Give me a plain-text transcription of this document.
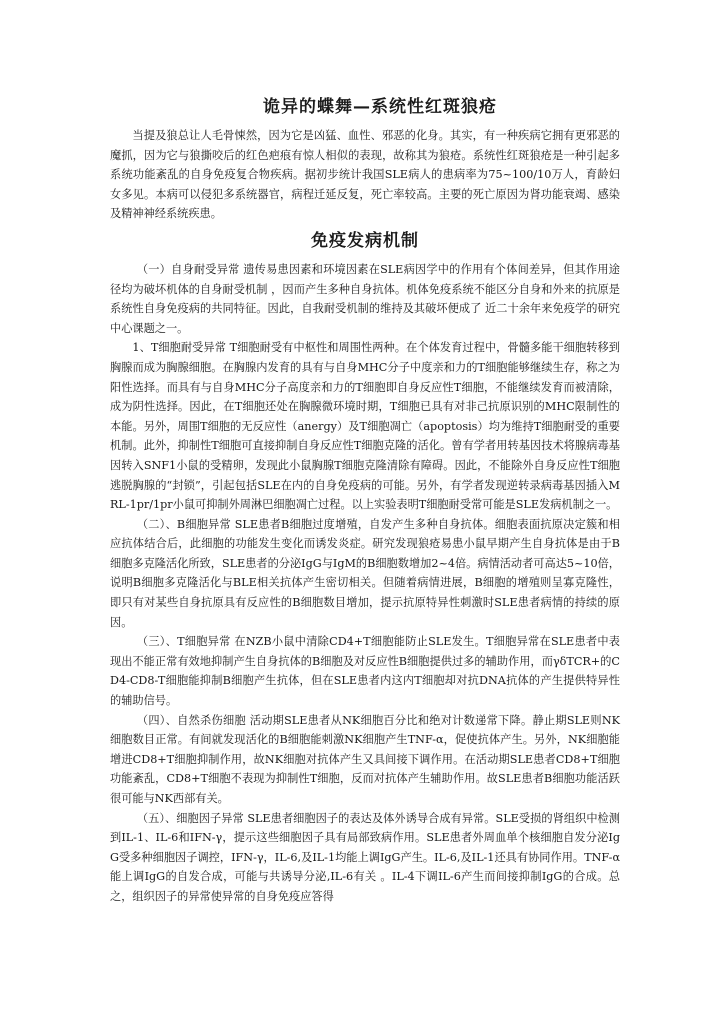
诡异的蝶舞—系统性红斑狼疮

当提及狼总让人毛骨悚然，因为它是凶猛、血性、邪恶的化身。其实，有一种疾病它拥有更邪恶的魔抓，因为它与狼撕咬后的红色疤痕有惊人相似的表现，故称其为狼疮。系统性红斑狼疮是一种引起多系统功能紊乱的自身免疫复合物疾病。据初步统计我国SLE病人的患病率为75~100/10万人，育龄妇女多见。本病可以侵犯多系统器官，病程迁延反复，死亡率较高。主要的死亡原因为肾功能衰竭、感染及精神神经系统疾患。

免疫发病机制

（一）自身耐受异常 遗传易患因素和环境因素在SLE病因学中的作用有个体间差异，但其作用途径均为破坏机体的自身耐受机制 ，因而产生多种自身抗体。机体免疫系统不能区分自身和外来的抗原是系统性自身免疫病的共同特征。因此，自我耐受机制的维持及其破坏便成了 近二十余年来免疫学的研究中心课题之一。

1、T细胞耐受异常 T细胞耐受有中枢性和周围性两种。在个体发育过程中，骨髓多能干细胞转移到胸腺而成为胸腺细胞。在胸腺内发育的具有与自身MHC分子中度亲和力的T细胞能够继续生存，称之为阳性选择。而具有与自身MHC分子高度亲和力的T细胞即自身反应性T细胞，不能继续发育而被清除，成为阴性选择。因此，在T细胞还处在胸腺微环境时期，T细胞已具有对非己抗原识别的MHC限制性的本能。另外，周围T细胞的无反应性（anergy）及T细胞凋亡（apoptosis）均为维持T细胞耐受的重要机制。此外，抑制性T细胞可直接抑制自身反应性T细胞克隆的活化。曾有学者用转基因技术将腺病毒基因转入SNF1小鼠的受精卵，发现此小鼠胸腺T细胞克隆清除有障碍。因此，不能除外自身反应性T细胞逃脱胸腺的“封锁”，引起包括SLE在内的自身免疫病的可能。另外，有学者发现逆转录病毒基因插入MRL-1pr/1pr小鼠可抑制外周淋巴细胞凋亡过程。以上实验表明T细胞耐受常可能是SLE发病机制之一。

（二）、B细胞异常 SLE患者B细胞过度增殖，自发产生多种自身抗体。细胞表面抗原决定簇和相应抗体结合后，此细胞的功能发生变化而诱发炎症。研究发现狼疮易患小鼠早期产生自身抗体是由于B细胞多克隆活化所致，SLE患者的分泌IgG与IgM的B细胞数增加2~4倍。病情活动者可高达5~10倍，说明B细胞多克隆活化与BLE相关抗体产生密切相关。但随着病情进展，B细胞的增殖则呈寡克隆性，即只有对某些自身抗原具有反应性的B细胞数目增加，提示抗原特异性刺激时SLE患者病情的持续的原因。

（三）、T细胞异常 在NZB小鼠中清除CD4+T细胞能防止SLE发生。T细胞异常在SLE患者中表现出不能正常有效地抑制产生自身抗体的B细胞及对反应性B细胞提供过多的辅助作用，而γδTCR+的CD4-CD8-T细胞能抑制B细胞产生抗体，但在SLE患者内这内T细胞却对抗DNA抗体的产生提供特异性的辅助信号。

（四）、自然杀伤细胞 活动期SLE患者从NK细胞百分比和绝对计数递常下降。静止期SLE则NK细胞数目正常。有间就发现活化的B细胞能刺激NK细胞产生TNF-α，促使抗体产生。另外，NK细胞能增进CD8+T细胞抑制作用，故NK细胞对抗体产生又具间接下调作用。在活动期SLE患者CD8+T细胞功能紊乱，CD8+T细胞不表现为抑制性T细胞，反而对抗体产生辅助作用。故SLE患者B细胞功能活跃很可能与NK西部有关。

（五）、细胞因子异常 SLE患者细胞因子的表达及体外诱导合成有异常。SLE受损的肾组织中检测到IL-1、IL-6和IFN-γ，提示这些细胞因子具有局部致病作用。SLE患者外周血单个核细胞自发分泌IgG受多种细胞因子调控，IFN-γ，IL-6,及IL-1均能上调IgG产生。IL-6,及IL-1还具有协同作用。TNF-α能上调IgG的自发合成，可能与共诱导分泌,IL-6有关 。IL-4下调IL-6产生而间接抑制IgG的合成。总之，组织因子的异常使异常的自身免疫应答得
